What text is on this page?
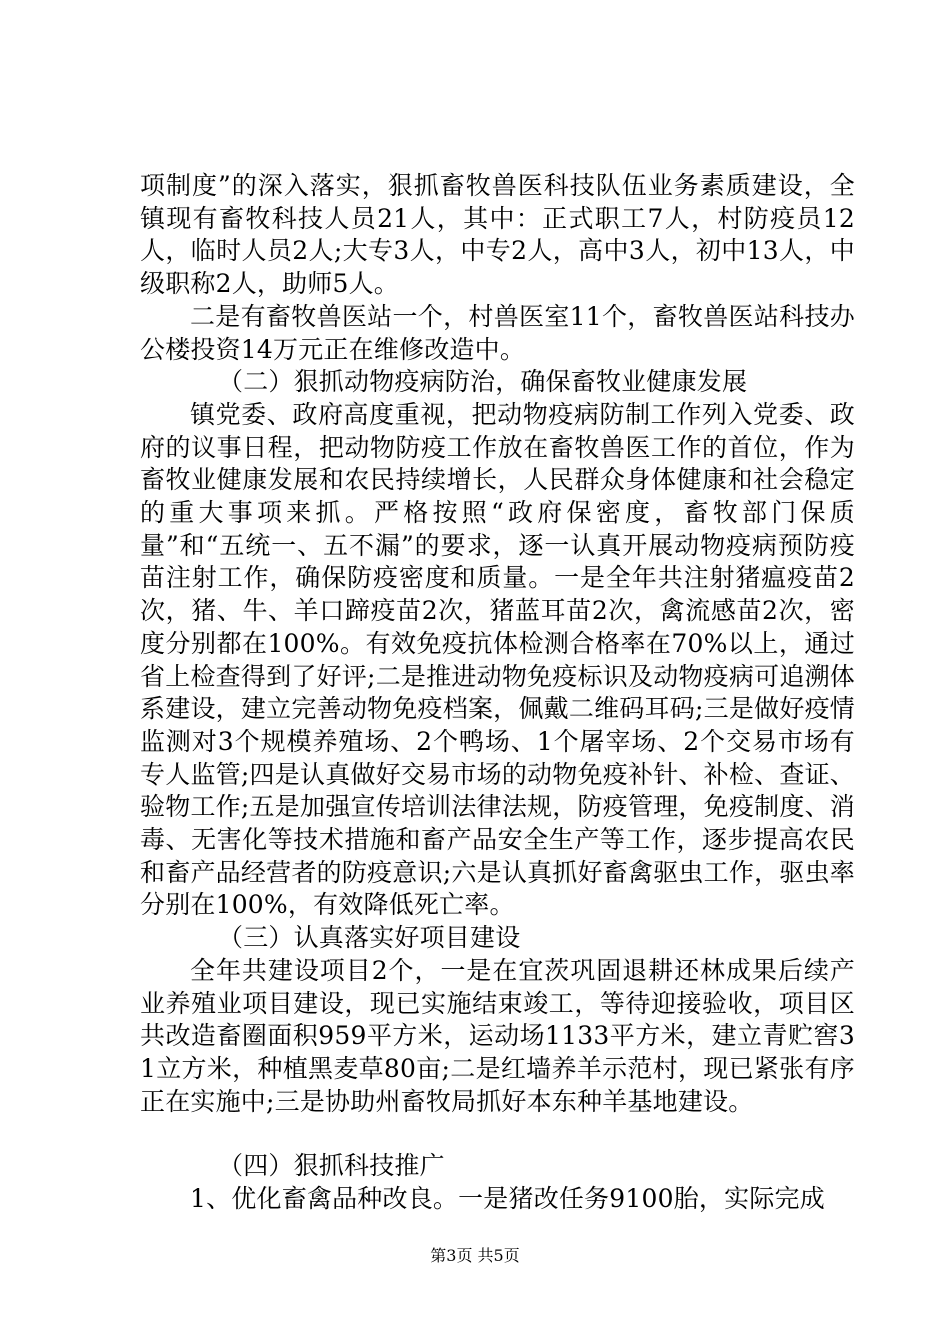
项制度”的深入落实，狠抓畜牧兽医科技队伍业务素质建设，全镇现有畜牧科技人员21人，其中：正式职工7人，村防疫员12人，临时人员2人;大专3人，中专2人，高中3人，初中13人，中级职称2人，助师5人。

二是有畜牧兽医站一个，村兽医室11个，畜牧兽医站科技办公楼投资14万元正在维修改造中。

（二）狠抓动物疫病防治，确保畜牧业健康发展

镇党委、政府高度重视，把动物疫病防制工作列入党委、政府的议事日程，把动物防疫工作放在畜牧兽医工作的首位，作为畜牧业健康发展和农民持续增长，人民群众身体健康和社会稳定的重大事项来抓。严格按照“政府保密度，畜牧部门保质量”和“五统一、五不漏”的要求，逐一认真开展动物疫病预防疫苗注射工作，确保防疫密度和质量。一是全年共注射猪瘟疫苗2次，猪、牛、羊口蹄疫苗2次，猪蓝耳苗2次，禽流感苗2次，密度分别都在100%。有效免疫抗体检测合格率在70%以上，通过省上检查得到了好评;二是推进动物免疫标识及动物疫病可追溯体系建设，建立完善动物免疫档案，佩戴二维码耳码;三是做好疫情监测对3个规模养殖场、2个鸭场、1个屠宰场、2个交易市场有专人监管;四是认真做好交易市场的动物免疫补针、补检、查证、验物工作;五是加强宣传培训法律法规，防疫管理，免疫制度、消毒、无害化等技术措施和畜产品安全生产等工作，逐步提高农民和畜产品经营者的防疫意识;六是认真抓好畜禽驱虫工作，驱虫率分别在100%，有效降低死亡率。

（三）认真落实好项目建设

全年共建设项目2个，一是在宜茨巩固退耕还林成果后续产业养殖业项目建设，现已实施结束竣工，等待迎接验收，项目区共改造畜圈面积959平方米，运动场1133平方米，建立青贮窖31立方米，种植黑麦草80亩;二是红墙养羊示范村，现已紧张有序正在实施中;三是协助州畜牧局抓好本东种羊基地建设。

（四）狠抓科技推广

1、优化畜禽品种改良。一是猪改任务9100胎，实际完成

第3页 共5页
